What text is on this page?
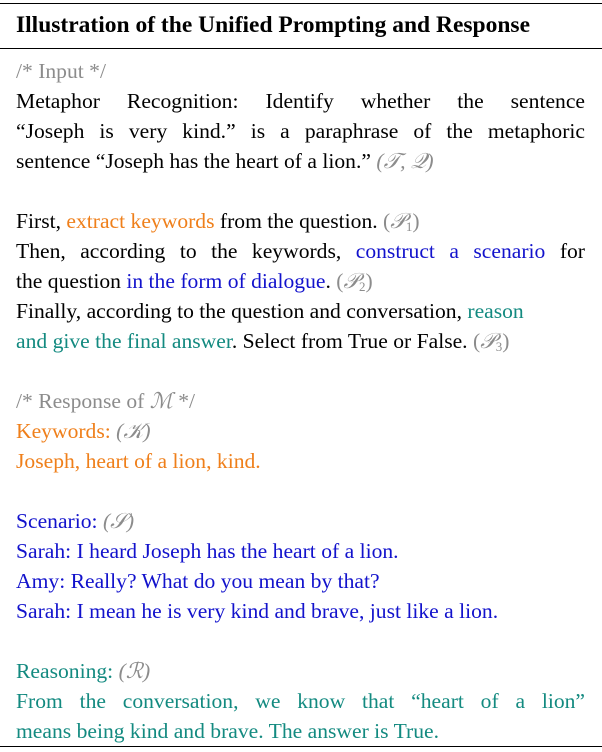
Illustration of the Unified Prompting and Response
/* Input */
Metaphor Recognition: Identify whether the sentence
“Joseph is very kind.” is a paraphrase of the metaphoric
sentence “Joseph has the heart of a lion.” (𝒯, 𝒬)
First, extract keywords from the question. (𝒫$_1$)
Then, according to the keywords, construct a scenario for
the question in the form of dialogue. (𝒫$_2$)
Finally, according to the question and conversation, reason
and give the final answer. Select from True or False. (𝒫$_3$)
/* Response of ℳ */
Keywords: (𝒦)
Joseph, heart of a lion, kind.
Scenario: (𝒮)
Sarah: I heard Joseph has the heart of a lion.
Amy: Really? What do you mean by that?
Sarah: I mean he is very kind and brave, just like a lion.
Reasoning: (ℛ)
From the conversation, we know that “heart of a lion”
means being kind and brave. The answer is True.
